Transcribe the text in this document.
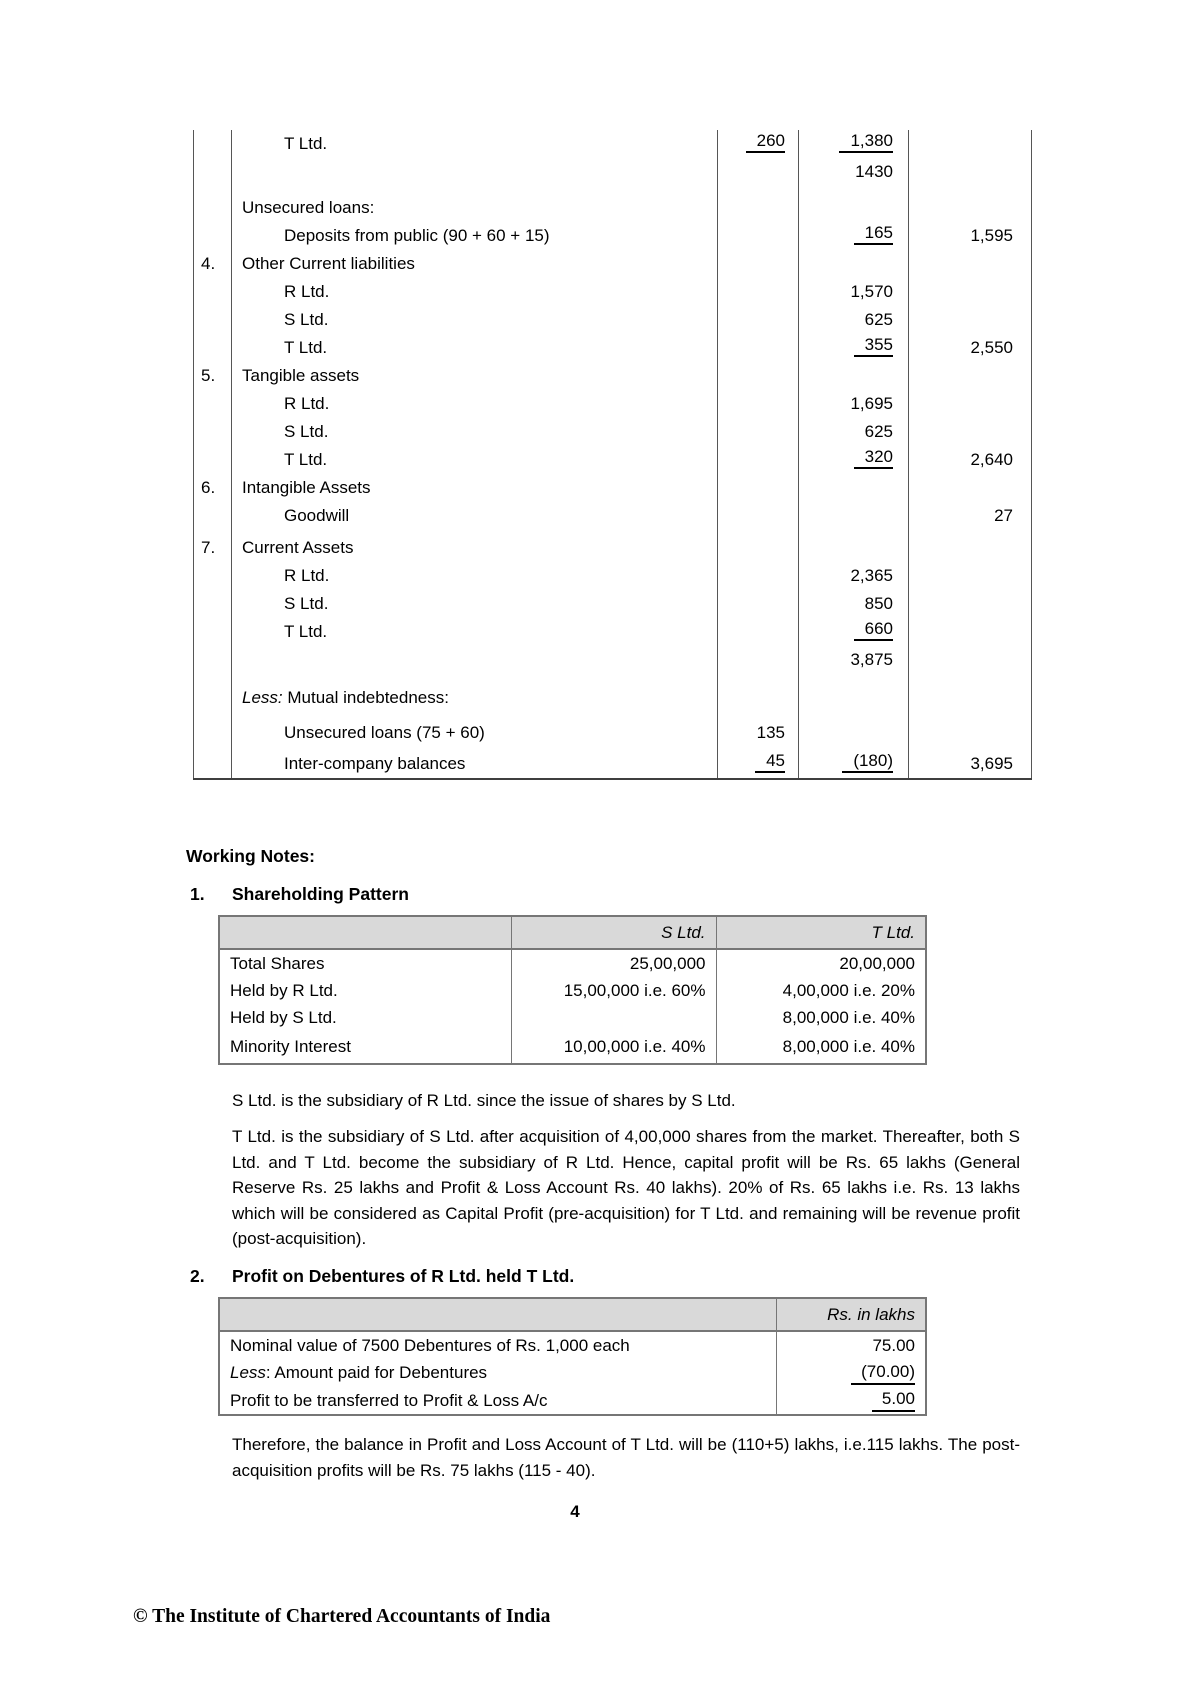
	T Ltd.	260	1,380	
			1430	
	Unsecured loans:			
	Deposits from public (90 + 60 + 15)		165	1,595
4.	Other Current liabilities			
	R Ltd.		1,570	
	S Ltd.		625	
	T Ltd.		355	2,550
5.	Tangible assets			
	R Ltd.		1,695	
	S Ltd.		625	
	T Ltd.		320	2,640
6.	Intangible Assets			
	Goodwill			27
7.	Current Assets			
	R Ltd.		2,365	
	S Ltd.		850	
	T Ltd.		660	
			3,875	
	Less: Mutual indebtedness:			
	Unsecured loans (75 + 60)	135		
	Inter-company balances	45	(180)	3,695
Working Notes:
1. Shareholding Pattern
	S Ltd.	T Ltd.
Total Shares	25,00,000	20,00,000
Held by R Ltd.	15,00,000 i.e. 60%	4,00,000 i.e. 20%
Held by S Ltd.		8,00,000 i.e. 40%
Minority Interest	10,00,000 i.e. 40%	8,00,000 i.e. 40%
S Ltd. is the subsidiary of R Ltd. since the issue of shares by S Ltd.
T Ltd. is the subsidiary of S Ltd. after acquisition of 4,00,000 shares from the market. Thereafter, both S Ltd. and T Ltd. become the subsidiary of R Ltd. Hence, capital profit will be Rs. 65 lakhs (General Reserve Rs. 25 lakhs and Profit & Loss Account Rs. 40 lakhs). 20% of Rs. 65 lakhs i.e. Rs. 13 lakhs which will be considered as Capital Profit (pre-acquisition) for T Ltd. and remaining will be revenue profit (post-acquisition).
2. Profit on Debentures of R Ltd. held T Ltd.
	Rs. in lakhs
Nominal value of 7500 Debentures of Rs. 1,000 each	75.00
Less: Amount paid for Debentures	(70.00)
Profit to be transferred to Profit & Loss A/c	5.00
Therefore, the balance in Profit and Loss Account of T Ltd. will be (110+5) lakhs, i.e.115 lakhs. The post-acquisition profits will be Rs. 75 lakhs (115 - 40).
4
© The Institute of Chartered Accountants of India
